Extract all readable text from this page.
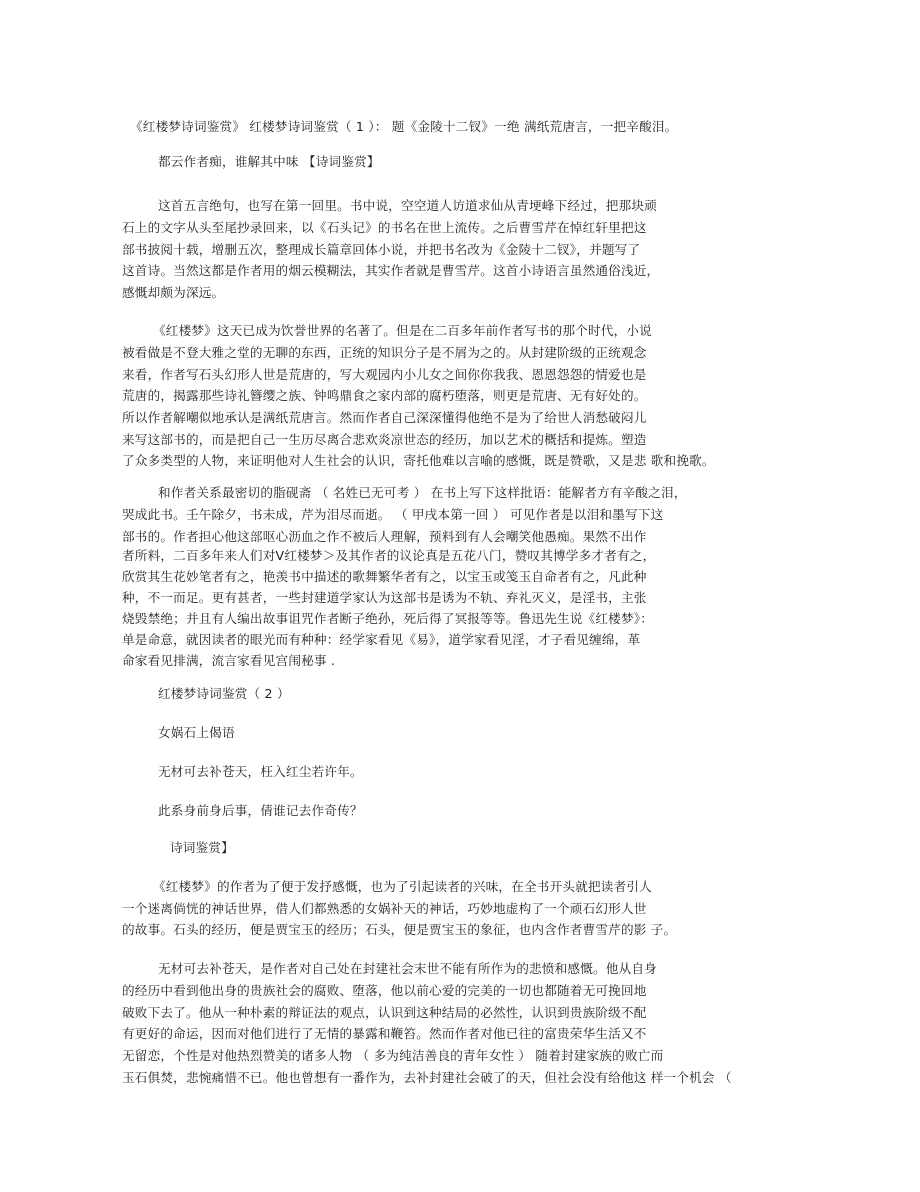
《红楼梦诗词鉴赏》 红楼梦诗词鉴赏（ 1 ）： 题《金陵十二钗》一绝 满纸荒唐言，一把辛酸泪。
都云作者痴，谁解其中味 【诗词鉴赏】
这首五言绝句，也写在第一回里。书中说，空空道人访道求仙从青埂峰下经过，把那块顽
石上的文字从头至尾抄录回来，以《石头记》的书名在世上流传。之后曹雪芹在悼红轩里把这
部书披阅十载，增删五次，整理成长篇章回体小说，并把书名改为《金陵十二钗》，并题写了
这首诗。当然这都是作者用的烟云模糊法，其实作者就是曹雪芹。这首小诗语言虽然通俗浅近，
感慨却颇为深远。
《红楼梦》这天已成为饮誉世界的名著了。但是在二百多年前作者写书的那个时代，小说
被看做是不登大雅之堂的无聊的东西，正统的知识分子是不屑为之的。从封建阶级的正统观念
来看，作者写石头幻形人世是荒唐的，写大观园内小儿女之间你你我我、恩恩怨怨的情爱也是
荒唐的，揭露那些诗礼簪缨之族、钟鸣鼎食之家内部的腐朽堕落，则更是荒唐、无有好处的。
所以作者解嘲似地承认是满纸荒唐言。然而作者自己深深懂得他绝不是为了给世人消愁破闷儿
来写这部书的，而是把自己一生历尽离合悲欢炎凉世态的经历，加以艺术的概括和提炼。塑造
了众多类型的人物，来证明他对人生社会的认识，寄托他难以言喻的感慨，既是赞歌，又是悲 歌和挽歌。
和作者关系最密切的脂砚斋 （ 名姓已无可考 ） 在书上写下这样批语：能解者方有辛酸之泪，
哭成此书。壬午除夕，书未成，芹为泪尽而逝。 （ 甲戌本第一回 ） 可见作者是以泪和墨写下这
部书的。作者担心他这部呕心沥血之作不被后人理解，预料到有人会嘲笑他愚痴。果然不出作
者所料，二百多年来人们对V红楼梦＞及其作者的议论真是五花八门，赞叹其博学多才者有之，
欣赏其生花妙笔者有之，艳羡书中描述的歌舞繁华者有之，以宝玉或笺玉自命者有之，凡此种
种，不一而足。更有甚者，一些封建道学家认为这部书是诱为不轨、弃礼灭义，是淫书，主张
烧毁禁绝；并且有人编出故事诅咒作者断子绝孙，死后得了冥报等等。鲁迅先生说《红楼梦》：
单是命意，就因读者的眼光而有种种：经学家看见《易》，道学家看见淫，才子看见缠绵，革
命家看见排满，流言家看见宫闱秘事 .
红楼梦诗词鉴赏（ 2 ）
女娲石上偈语
无材可去补苍天，枉入红尘若许年。
此系身前身后事，倩谁记去作奇传？
诗词鉴赏】
《红楼梦》的作者为了便于发抒感慨，也为了引起读者的兴味，在全书开头就把读者引人
一个迷离倘恍的神话世界，借人们都熟悉的女娲补天的神话，巧妙地虚构了一个顽石幻形人世
的故事。石头的经历，便是贾宝玉的经历；石头，便是贾宝玉的象征，也内含作者曹雪芹的影 子。
无材可去补苍天，是作者对自己处在封建社会末世不能有所作为的悲愤和感慨。他从自身
的经历中看到他出身的贵族社会的腐败、堕落，他以前心爱的完美的一切也都随着无可挽回地
破败下去了。他从一种朴素的辩证法的观点，认识到这种结局的必然性，认识到贵族阶级不配
有更好的命运，因而对他们进行了无情的暴露和鞭笞。然而作者对他已往的富贵荣华生活又不
无留恋，个性是对他热烈赞美的诸多人物 （ 多为纯洁善良的青年女性 ） 随着封建家族的败亡而
玉石俱焚，悲惋痛惜不已。他也曾想有一番作为，去补封建社会破了的天，但社会没有给他这 样一个机会 （
